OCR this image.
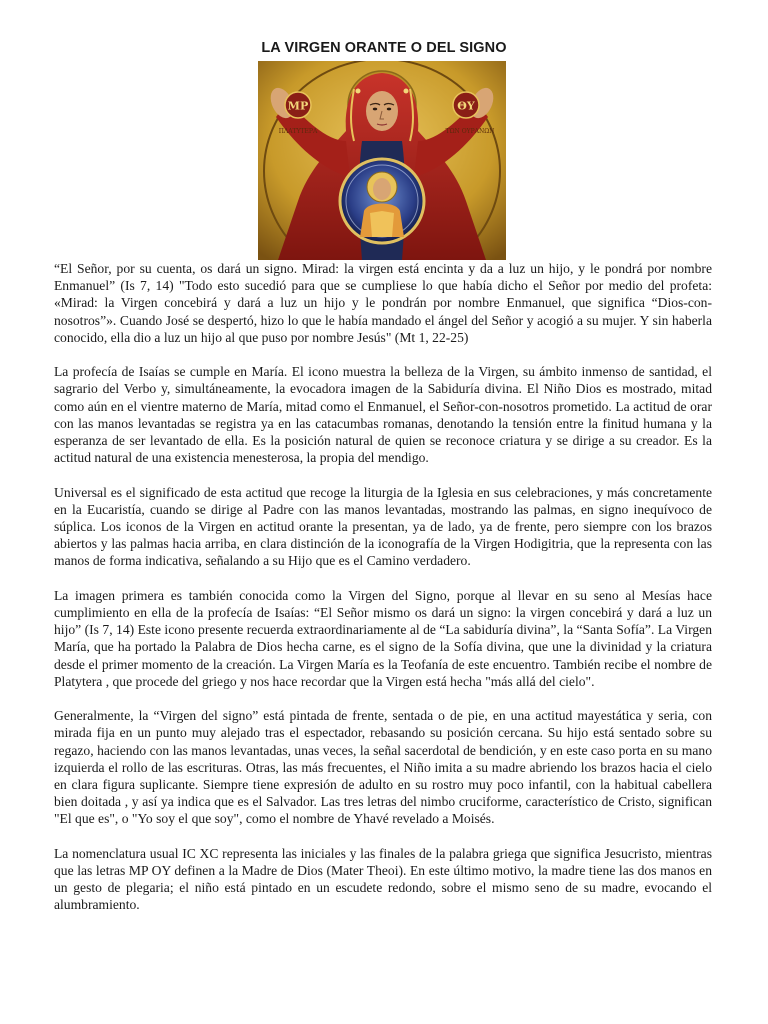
LA VIRGEN ORANTE O DEL SIGNO
MP	ΘΥ
ΠΛΑΤΥΤΕΡΑ	ΤΩΝ ΟΥΡΑΝΩΝ

“El Señor, por su cuenta, os dará un signo. Mirad: la virgen está encinta y da a luz un hijo, y le pondrá por nombre Enmanuel” (Is 7, 14) "Todo esto sucedió para que se cumpliese lo que había dicho el Señor por medio del profeta: «Mirad: la Virgen concebirá y dará a luz un hijo y le pondrán por nombre Enmanuel, que significa “Dios-con-nosotros”». Cuando José se despertó, hizo lo que le había mandado el ángel del Señor y acogió a su mujer. Y sin haberla conocido, ella dio a luz un hijo al que puso por nombre Jesús" (Mt 1, 22-25)

La profecía de Isaías se cumple en María. El icono muestra la belleza de la Virgen, su ámbito inmenso de santidad, el sagrario del Verbo y, simultáneamente, la evocadora imagen de la Sabiduría divina. El Niño Dios es mostrado, mitad como aún en el vientre materno de María, mitad como el Enmanuel, el Señor-con-nosotros prometido. La actitud de orar con las manos levantadas se registra ya en las catacumbas romanas, denotando la tensión entre la finitud humana y la esperanza de ser levantado de ella. Es la posición natural de quien se reconoce criatura y se dirige a su creador. Es la actitud natural de una existencia menesterosa, la propia del mendigo.

Universal es el significado de esta actitud que recoge la liturgia de la Iglesia en sus celebraciones, y más concretamente en la Eucaristía, cuando se dirige al Padre con las manos levantadas, mostrando las palmas, en signo inequívoco de súplica. Los iconos de la Virgen en actitud orante la presentan, ya de lado, ya de frente, pero siempre con los brazos abiertos y las palmas hacia arriba, en clara distinción de la iconografía de la Virgen Hodigitria, que la representa con las manos de forma indicativa, señalando a su Hijo que es el Camino verdadero.

La imagen primera es también conocida como la Virgen del Signo, porque al llevar en su seno al Mesías hace cumplimiento en ella de la profecía de Isaías: “El Señor mismo os dará un signo: la virgen concebirá y dará a luz un hijo” (Is 7, 14) Este icono presente recuerda extraordinariamente al de “La sabiduría divina”, la “Santa Sofía”. La Virgen María, que ha portado la Palabra de Dios hecha carne, es el signo de la Sofía divina, que une la divinidad y la criatura desde el primer momento de la creación. La Virgen María es la Teofanía de este encuentro. También recibe el nombre de Platytera , que procede del griego y nos hace recordar que la Virgen está hecha "más allá del cielo".

Generalmente, la “Virgen del signo” está pintada de frente, sentada o de pie, en una actitud mayestática y seria, con mirada fija en un punto muy alejado tras el espectador, rebasando su posición cercana. Su hijo está sentado sobre su regazo, haciendo con las manos levantadas, unas veces, la señal sacerdotal de bendición, y en este caso porta en su mano izquierda el rollo de las escrituras. Otras, las más frecuentes, el Niño imita a su madre abriendo los brazos hacia el cielo en clara figura suplicante. Siempre tiene expresión de adulto en su rostro muy poco infantil, con la habitual cabellera bien doitada , y así ya indica que es el Salvador. Las tres letras del nimbo cruciforme, característico de Cristo, significan "El que es", o "Yo soy el que soy", como el nombre de Yhavé revelado a Moisés.

La nomenclatura usual IC XC representa las iniciales y las finales de la palabra griega que significa Jesucristo, mientras que las letras MP OY definen a la Madre de Dios (Mater Theoi). En este último motivo, la madre tiene las dos manos en un gesto de plegaria; el niño está pintado en un escudete redondo, sobre el mismo seno de su madre, evocando el alumbramiento.
